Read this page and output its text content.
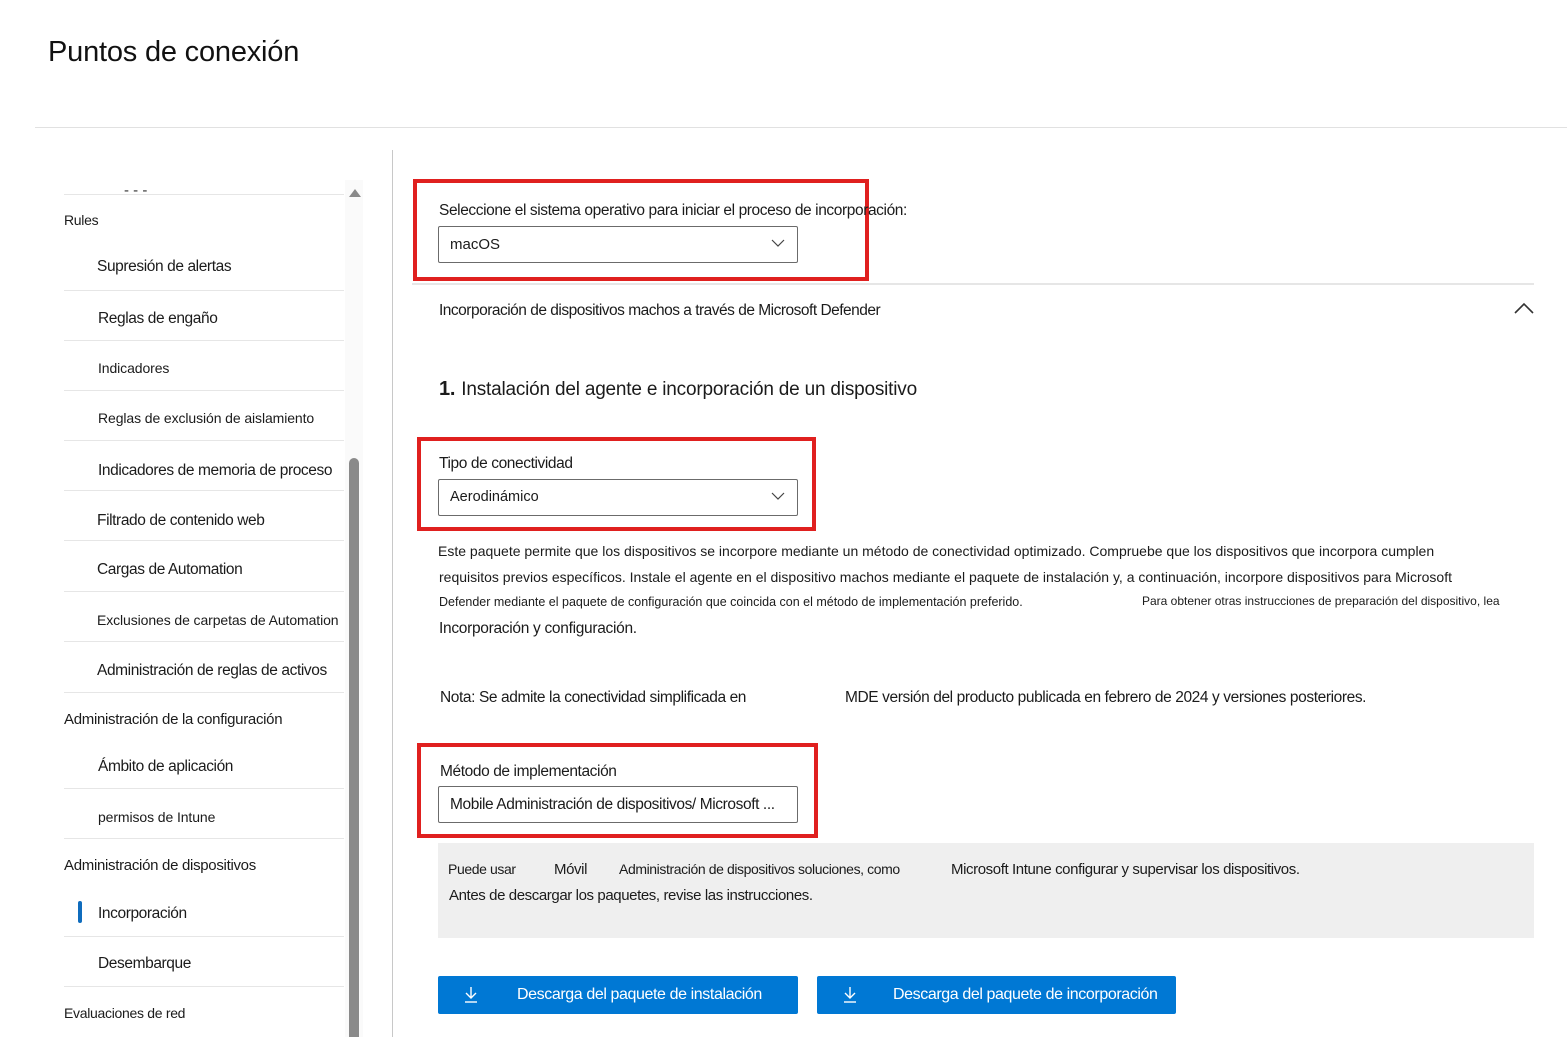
Puntos de conexión
‐ ‐ ‐
Rules
Supresión de alertas
Reglas de engaño
Indicadores
Reglas de exclusión de aislamiento
Indicadores de memoria de proceso
Filtrado de contenido web
Cargas de Automation
Exclusiones de carpetas de Automation
Administración de reglas de activos
Administración de la configuración
Ámbito de aplicación
permisos de Intune
Administración de dispositivos
Incorporación
Desembarque
Evaluaciones de red
Seleccione el sistema operativo para iniciar el proceso de incorporación:
macOS
Incorporación de dispositivos machos a través de Microsoft Defender
1. Instalación del agente e incorporación de un dispositivo
Tipo de conectividad
Aerodinámico
Este paquete permite que los dispositivos se incorpore mediante un método de conectividad optimizado. Compruebe que los dispositivos que incorpora cumplen
requisitos previos específicos. Instale el agente en el dispositivo machos mediante el paquete de instalación y, a continuación, incorpore dispositivos para Microsoft
Defender mediante el paquete de configuración que coincida con el método de implementación preferido.	Para obtener otras instrucciones de preparación del dispositivo, lea
Incorporación y configuración.
Nota: Se admite la conectividad simplificada en	MDE versión del producto publicada en febrero de 2024 y versiones posteriores.
Método de implementación
Mobile Administración de dispositivos/ Microsoft ...
Puede usar	Móvil Administración de dispositivos soluciones, como	Microsoft Intune configurar y supervisar los dispositivos.
Antes de descargar los paquetes, revise las instrucciones.
Descarga del paquete de instalación	Descarga del paquete de incorporación
